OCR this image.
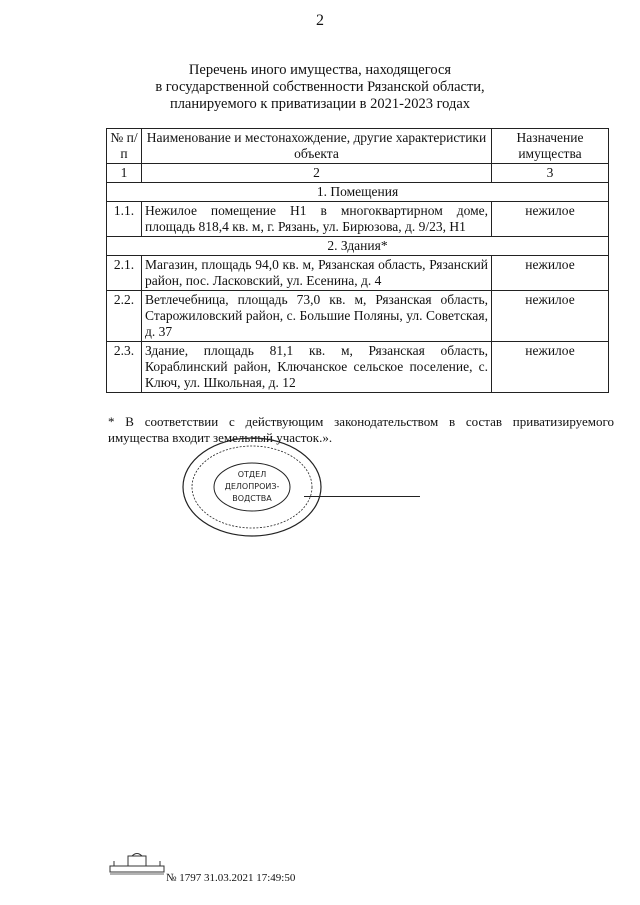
2
Перечень иного имущества, находящегося
в государственной собственности Рязанской области,
планируемого к приватизации в 2021-2023 годах
№ п/п	Наименование и местонахождение, другие характеристики объекта	Назначение имущества
1	2	3
1. Помещения		
1.1.	Нежилое помещение Н1 в многоквартирном доме, площадь 818,4 кв. м, г. Рязань, ул. Бирюзова, д. 9/23, Н1	нежилое
2. Здания*		
2.1.	Магазин, площадь 94,0 кв. м, Рязанская область, Рязанский район, пос. Ласковский, ул. Есенина, д. 4	нежилое
2.2.	Ветлечебница, площадь 73,0 кв. м, Рязанская область, Старожиловский район, с. Большие Поляны, ул. Советская, д. 37	нежилое
2.3.	Здание, площадь 81,1 кв. м, Рязанская область, Кораблинский район, Ключанское сельское поселение, с. Ключ, ул. Школьная, д. 12	нежилое
* В соответствии с действующим законодательством в состав приватизируемого имущества входит земельный участок.».
ОТДЕЛ
ДЕЛОПРОИЗ-
ВОДСТВА
№ 1797 31.03.2021 17:49:50
